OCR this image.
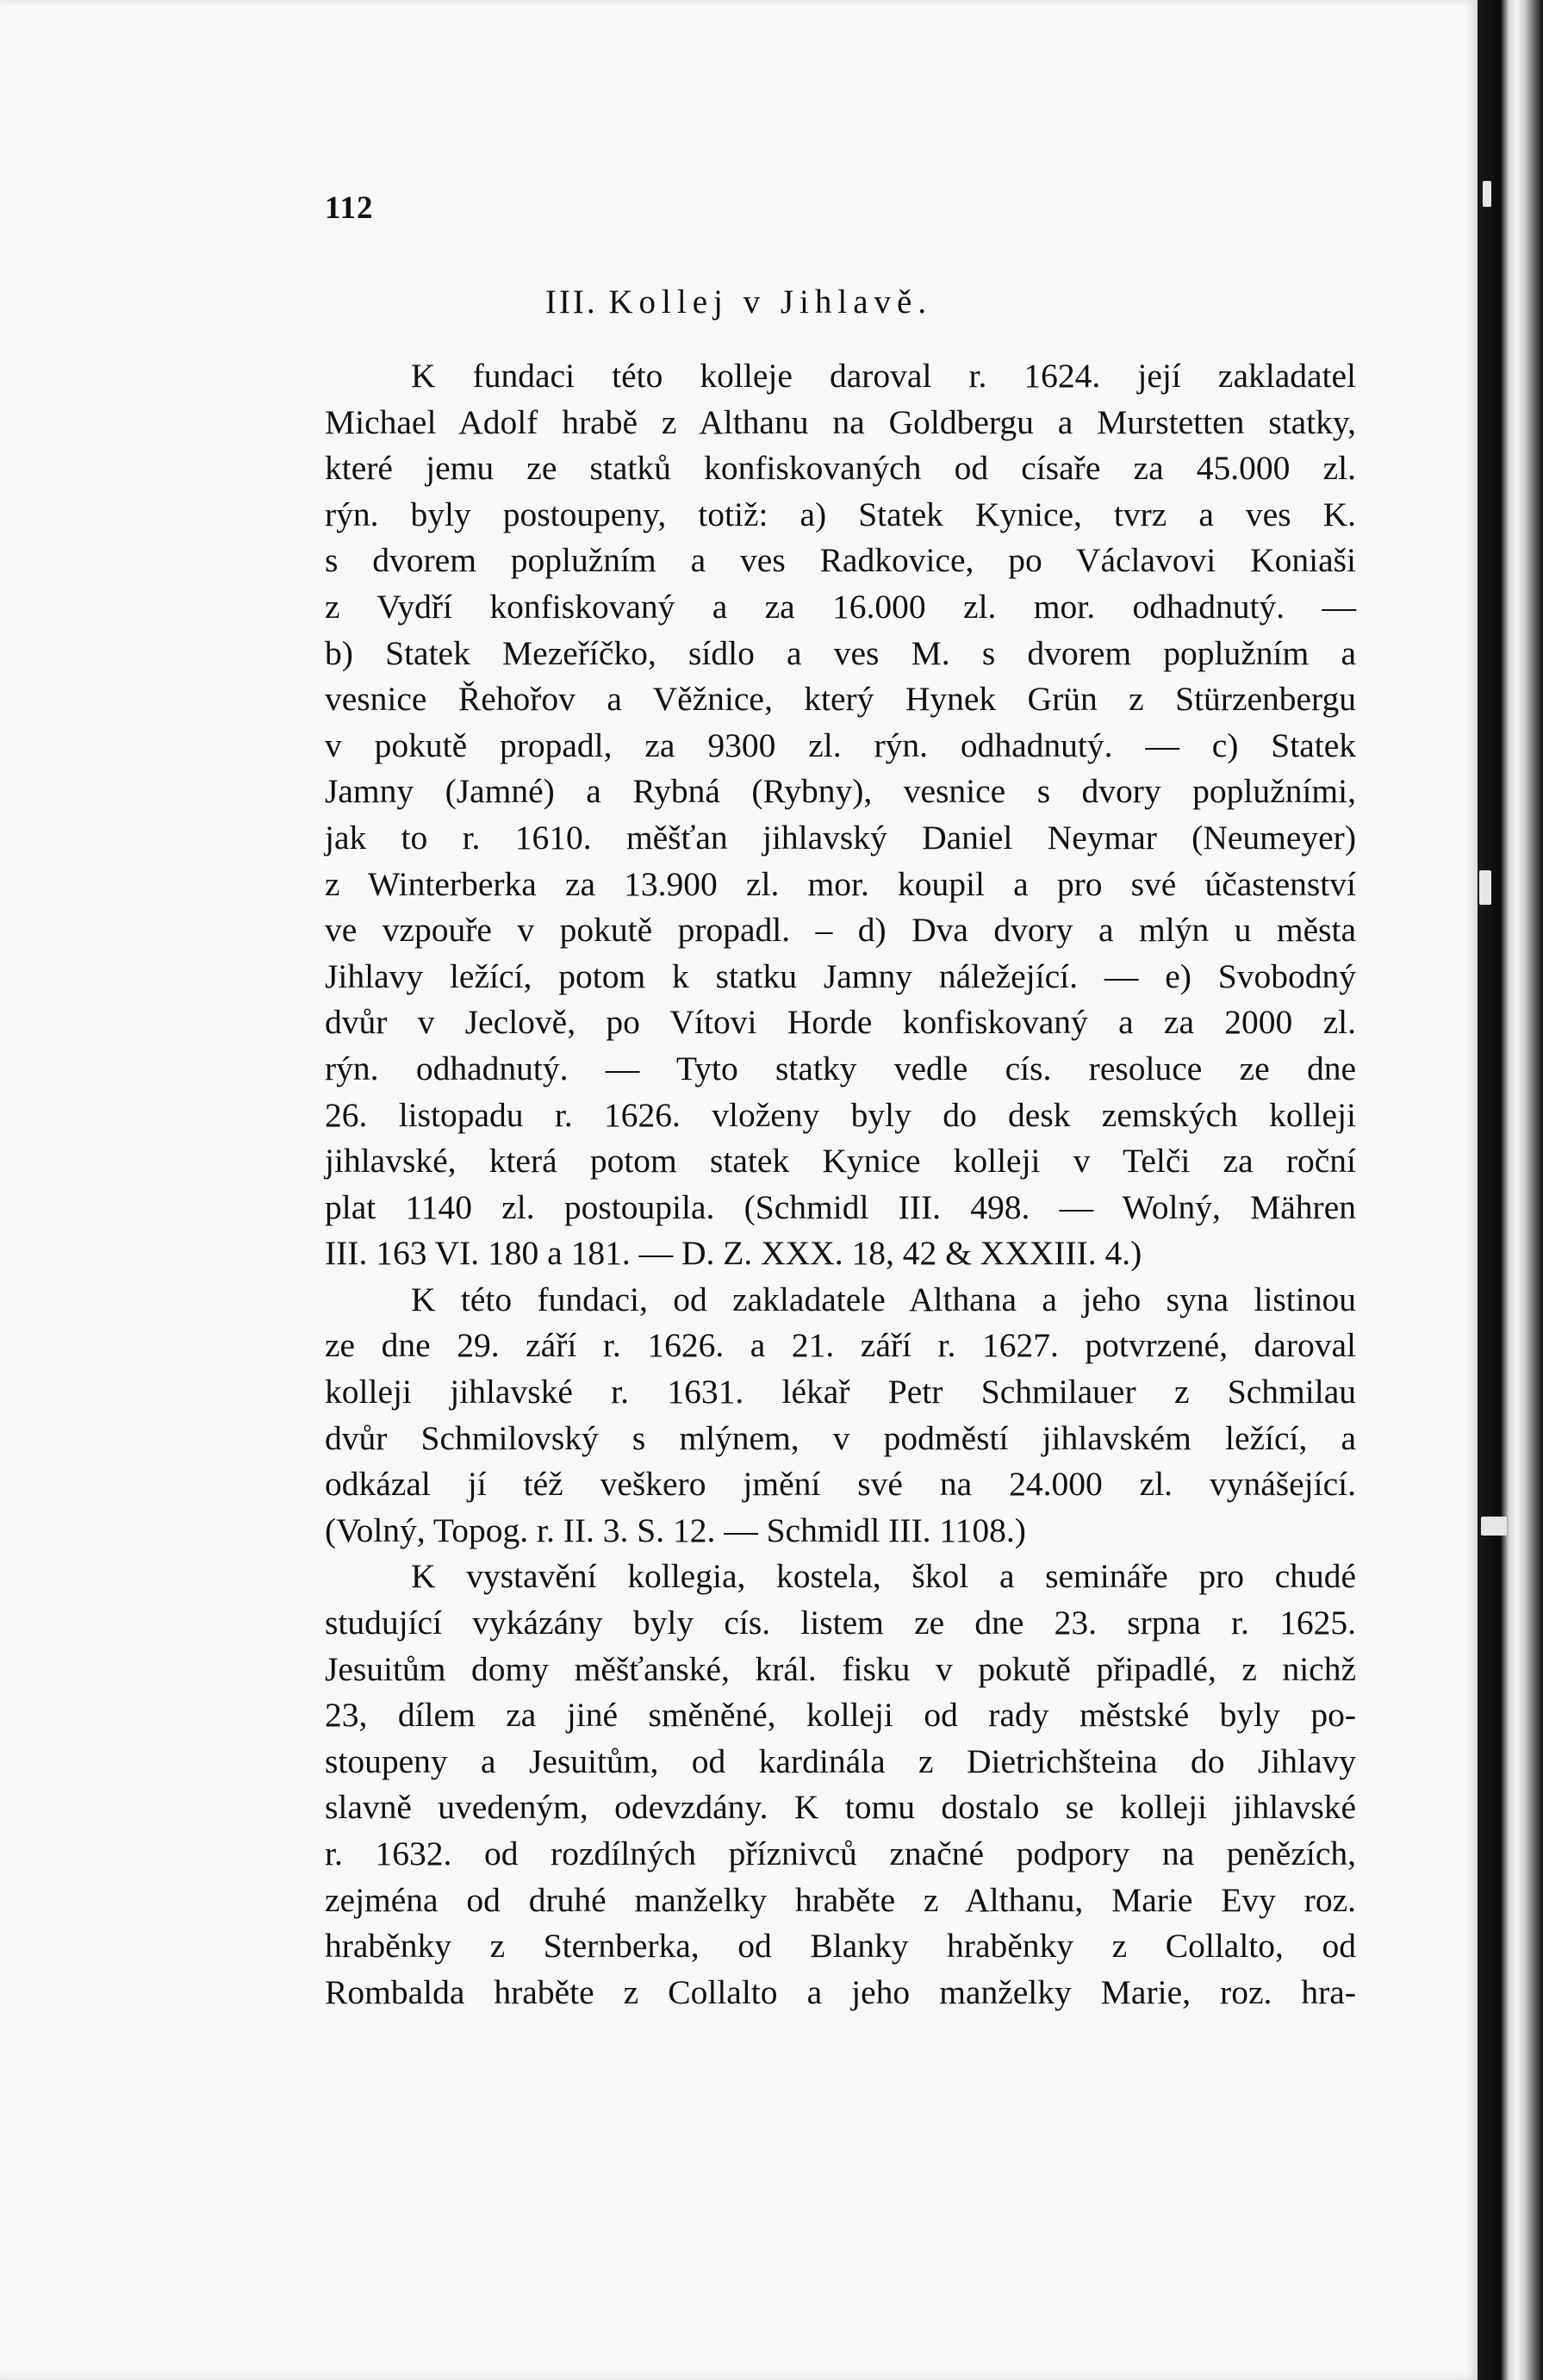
112
III. Kollej v Jihlavě.
K fundaci této kolleje daroval r. 1624. její zakladatel
Michael Adolf hrabě z Althanu na Goldbergu a Murstetten statky,
které jemu ze statků konfiskovaných od císaře za 45.000 zl.
rýn. byly postoupeny, totiž: a) Statek Kynice, tvrz a ves K.
s dvorem poplužním a ves Radkovice, po Václavovi Koniaši
z Vydří konfiskovaný a za 16.000 zl. mor. odhadnutý. —
b) Statek Mezeříčko, sídlo a ves M. s dvorem poplužním a
vesnice Řehořov a Věžnice, který Hynek Grün z Stürzenbergu
v pokutě propadl, za 9300 zl. rýn. odhadnutý. — c) Statek
Jamny (Jamné) a Rybná (Rybny), vesnice s dvory poplužními,
jak to r. 1610. měšťan jihlavský Daniel Neymar (Neumeyer)
z Winterberka za 13.900 zl. mor. koupil a pro své účastenství
ve vzpouře v pokutě propadl. – d) Dva dvory a mlýn u města
Jihlavy ležící, potom k statku Jamny náležející. — e) Svobodný
dvůr v Jeclově, po Vítovi Horde konfiskovaný a za 2000 zl.
rýn. odhadnutý. — Tyto statky vedle cís. resoluce ze dne
26. listopadu r. 1626. vloženy byly do desk zemských kolleji
jihlavské, která potom statek Kynice kolleji v Telči za roční
plat 1140 zl. postoupila. (Schmidl III. 498. — Wolný, Mähren
III. 163 VI. 180 a 181. — D. Z. XXX. 18, 42 & XXXIII. 4.)
K této fundaci, od zakladatele Althana a jeho syna listinou
ze dne 29. září r. 1626. a 21. září r. 1627. potvrzené, daroval
kolleji jihlavské r. 1631. lékař Petr Schmilauer z Schmilau
dvůr Schmilovský s mlýnem, v podměstí jihlavském ležící, a
odkázal jí též veškero jmění své na 24.000 zl. vynášející.
(Volný, Topog. r. II. 3. S. 12. — Schmidl III. 1108.)
K vystavění kollegia, kostela, škol a semináře pro chudé
studující vykázány byly cís. listem ze dne 23. srpna r. 1625.
Jesuitům domy měšťanské, král. fisku v pokutě připadlé, z nichž
23, dílem za jiné směněné, kolleji od rady městské byly po-
stoupeny a Jesuitům, od kardinála z Dietrichšteina do Jihlavy
slavně uvedeným, odevzdány. K tomu dostalo se kolleji jihlavské
r. 1632. od rozdílných příznivců značné podpory na penězích,
zejména od druhé manželky hraběte z Althanu, Marie Evy roz.
hraběnky z Sternberka, od Blanky hraběnky z Collalto, od
Rombalda hraběte z Collalto a jeho manželky Marie, roz. hra-
